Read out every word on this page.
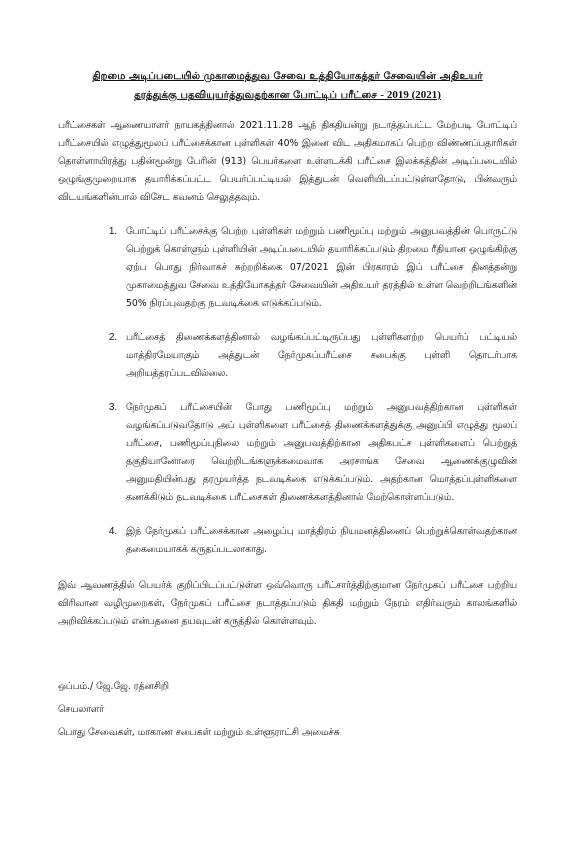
திறமை அடிப்படையில் முகாமைத்துவ சேவை உத்தியோகத்தர் சேவையின் அதிஉயர்
தரத்துக்கு பதவியுயர்த்துவதற்கான போட்டிப் பரீட்சை - 2019 (2021)

பரீட்சைகள் ஆணையாளர் நாயகத்தினால் 2021.11.28 ஆந் திகதியன்று நடாத்தப்பட்ட மேற்படி போட்டிப் பரீட்சையில் எழுத்துமூலப் பரீட்சைக்கான புள்ளிகள் 40% இனை விட அதிகமாகப் பெற்ற விண்ணப்பதாரிகள் தொள்ளாயிரத்து பதின்மூன்று பேரின் (913) பெயர்களை உள்ளடக்கி பரீட்சை இலக்கத்தின் அடிப்படையில் ஒழுங்குமுறையாக தயாரிக்கப்பட்ட பெயர்ப்பட்டியல் இத்துடன் வெளியிடப்பட்டுள்ளதோடு, பின்வரும் விடயங்களின்பால் விசேட கவனம் செலுத்தவும்.

1. போட்டிப் பரீட்சைக்கு பெற்ற புள்ளிகள் மற்றும் பணிமூப்பு மற்றும் அனுபவத்தின் பொருட்டு பெற்றுக் கொள்ளும் புள்ளியின் அடிப்படையில் தயாரிக்கப்படும் திறமை ரீதியான ஒழுங்கிற்கு ஏற்ப பொது நிர்வாகச் சுற்றறிக்கை 07/2021 இன் பிரகாரம் இப் பரீட்சை தினத்தன்று முகாமைத்துவ சேவை உத்தியோகத்தர் சேவையின் அதிஉயர் தரத்தில் உள்ள வெற்றிடங்களின் 50% நிரப்புவதற்கு நடவடிக்கை எடுக்கப்படும்.
2. பரீட்சைத் திணைக்களத்தினால் வழங்கப்பட்டிருப்பது புள்ளிகளற்ற பெயர்ப் பட்டியல் மாத்திரமேயாகும் அத்துடன் நேர்முகப்பரீட்சை சபைக்கு புள்ளி தொடர்பாக அறியத்தரப்படவில்லை.
3. நேர்முகப் பரீட்சையின் போது பணிமூப்பு மற்றும் அனுபவத்திற்கான புள்ளிகள் வழங்கப்படுவதோடு அப் புள்ளிகளை பரீட்சைத் திணைக்களத்துக்கு அனுப்பி எழுத்து மூலப் பரீட்சை, பணிமூப்புநிலை மற்றும் அனுபவத்திற்கான அதிகபட்ச புள்ளிகளைப் பெற்றுத் தகுதியானோரை வெற்றிடங்களுக்கமைவாக அரசாங்க சேவை ஆணைக்குழுவின் அனுமதியின்பது தரமுயர்த்த நடவடிக்கை எடுக்கப்படும். அதற்கான மொத்தப்புள்ளிகளை கணக்கிடும் நடவடிக்கை பரீட்சைகள் திணைக்களத்தினால் மேற்கொள்ளப்படும்.
4. இந் நேர்முகப் பரீட்சைக்கான அழைப்பு மாத்திரம் நியமனத்தினைப் பெற்றுக்கொள்வதற்கான தகைமையாகக் கருதப்படலாகாது.

இவ் ஆவணத்தில் பெயர்க் குறிப்பிடப்பட்டுள்ள ஒவ்வொரு பரீட்சார்த்திற்குமான நேர்முகப் பரீட்சை பற்றிய விரிவான வழிமுறைகள், நேர்முகப் பரீட்சை நடாத்தப்படும் திகதி மற்றும் நேரம் எதிர்வரும் காலங்களில் அறிவிக்கப்படும் என்பதனை தயவுடன் கருத்தில் கொள்ளவும்.

ஒப்பம்./ ஜே.ஜே. ரத்னசிறி
செயலாளர்
பொது சேவைகள், மாகாண சபைகள் மற்றும் உள்ளூராட்சி அமைச்சு
